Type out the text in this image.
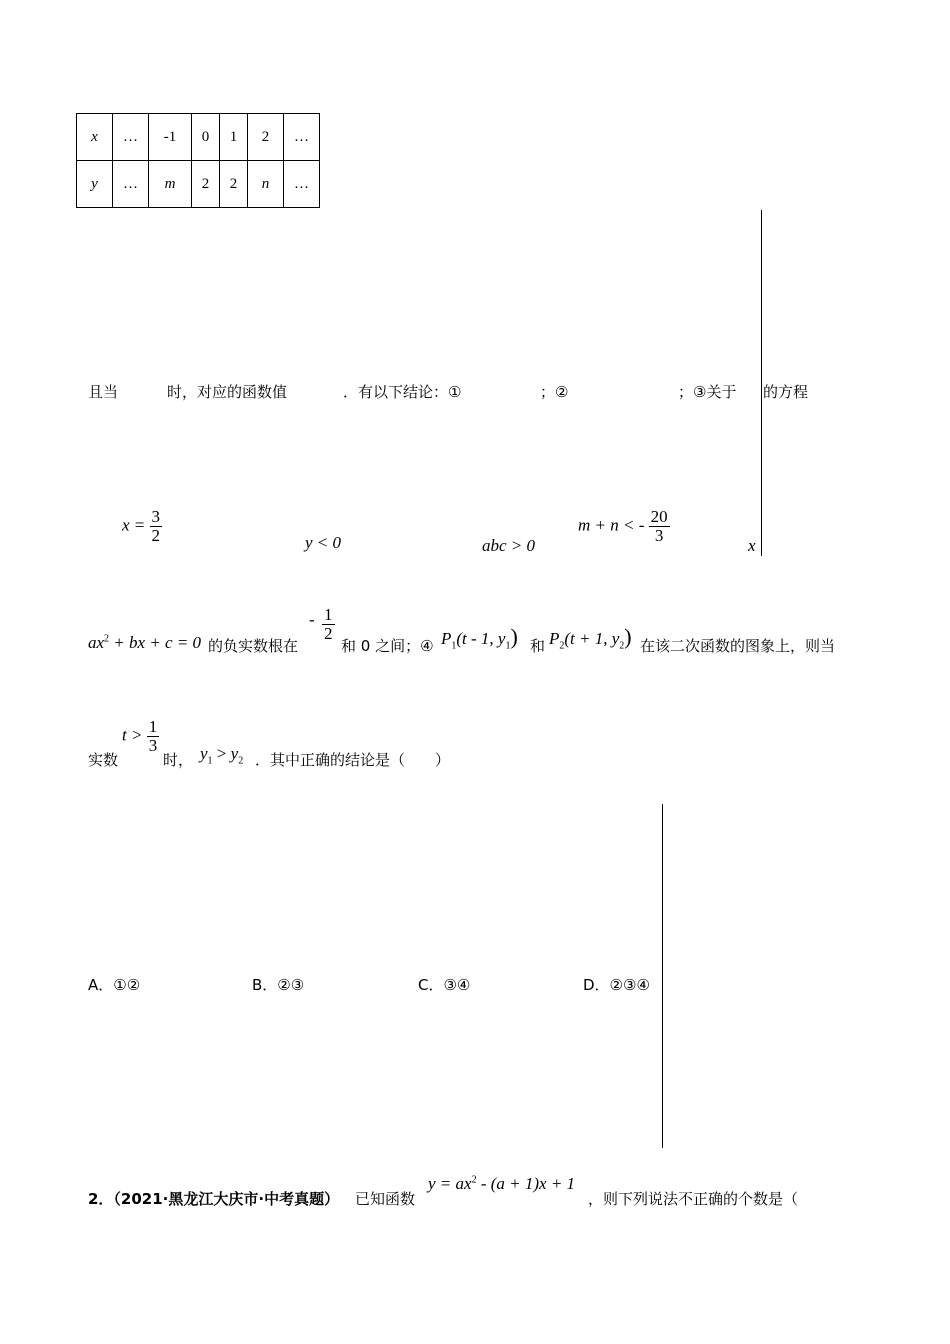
x	…	-1	0	1	2	…
y	…	m	2	2	n	…
且当	时，对应的函数值	．有以下结论：①	；②	；③关于 的方程
$x = \frac{3}{2}$	y < 0	abc > 0
m + n < - $\frac{20}{3}$
x
$ax^2$ + bx + c = 0 的负实数根在
- $\frac{1}{2}$
和 0 之间；④ $P_1(t - 1$, $y_1$) 和 $P_2(t + 1$, $y_2$) 在该二次函数的图象上，则当
实数
$t > \frac{1}{3}$
时， $y_1 > y_2$ ．其中正确的结论是（　　）
A．①②	B．②③	C．③④	D．②③④
2．（2021·黑龙江大庆市·中考真题） 已知函数
$y = ax^2 - (a + 1)x + 1$
，则下列说法不正确的个数是（
